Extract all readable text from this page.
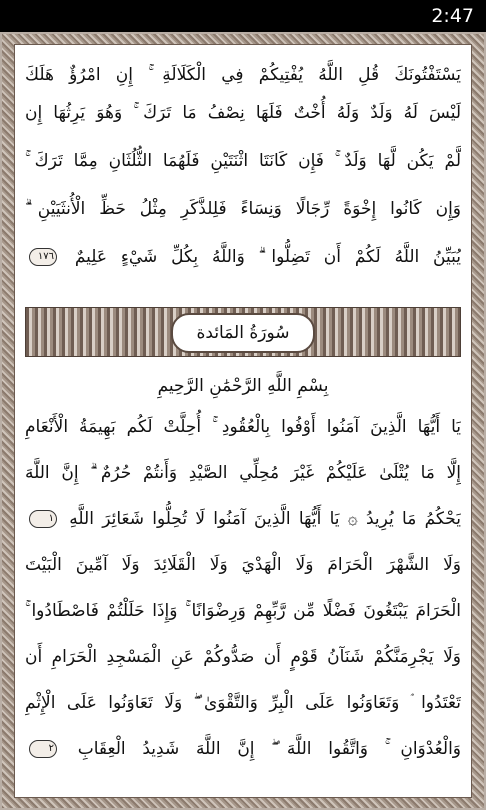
2:47
يَسْتَفْتُونَكَ قُلِ اللَّهُ يُفْتِيكُمْ فِي الْكَلَالَةِ ۚ إِنِ امْرُؤٌ هَلَكَ
لَيْسَ لَهُ وَلَدٌ وَلَهُ أُخْتٌ فَلَهَا نِصْفُ مَا تَرَكَ ۚ وَهُوَ يَرِثُهَا إِن
لَّمْ يَكُن لَّهَا وَلَدٌ ۚ فَإِن كَانَتَا اثْنَتَيْنِ فَلَهُمَا الثُّلُثَانِ مِمَّا تَرَكَ ۚ
وَإِن كَانُوا إِخْوَةً رِّجَالًا وَنِسَاءً فَلِلذَّكَرِ مِثْلُ حَظِّ الْأُنثَيَيْنِ ۗ
يُبَيِّنُ اللَّهُ لَكُمْ أَن تَضِلُّوا ۗ وَاللَّهُ بِكُلِّ شَيْءٍ عَلِيمٌ ١٧٦
سُورَةُ المَائدة
بِسْمِ اللَّهِ الرَّحْمَٰنِ الرَّحِيمِ
يَا أَيُّهَا الَّذِينَ آمَنُوا أَوْفُوا بِالْعُقُودِ ۚ أُحِلَّتْ لَكُم بَهِيمَةُ الْأَنْعَامِ
إِلَّا مَا يُتْلَىٰ عَلَيْكُمْ غَيْرَ مُحِلِّي الصَّيْدِ وَأَنتُمْ حُرُمٌ ۗ إِنَّ اللَّهَ
يَحْكُمُ مَا يُرِيدُ ۞ يَا أَيُّهَا الَّذِينَ آمَنُوا لَا تُحِلُّوا شَعَائِرَ اللَّهِ ١
وَلَا الشَّهْرَ الْحَرَامَ وَلَا الْهَدْيَ وَلَا الْقَلَائِدَ وَلَا آمِّينَ الْبَيْتَ
الْحَرَامَ يَبْتَغُونَ فَضْلًا مِّن رَّبِّهِمْ وَرِضْوَانًا ۚ وَإِذَا حَلَلْتُمْ فَاصْطَادُوا ۚ
وَلَا يَجْرِمَنَّكُمْ شَنَآنُ قَوْمٍ أَن صَدُّوكُمْ عَنِ الْمَسْجِدِ الْحَرَامِ أَن
تَعْتَدُوا ۘ وَتَعَاوَنُوا عَلَى الْبِرِّ وَالتَّقْوَىٰ ۖ وَلَا تَعَاوَنُوا عَلَى الْإِثْمِ
وَالْعُدْوَانِ ۚ وَاتَّقُوا اللَّهَ ۖ إِنَّ اللَّهَ شَدِيدُ الْعِقَابِ ٢
